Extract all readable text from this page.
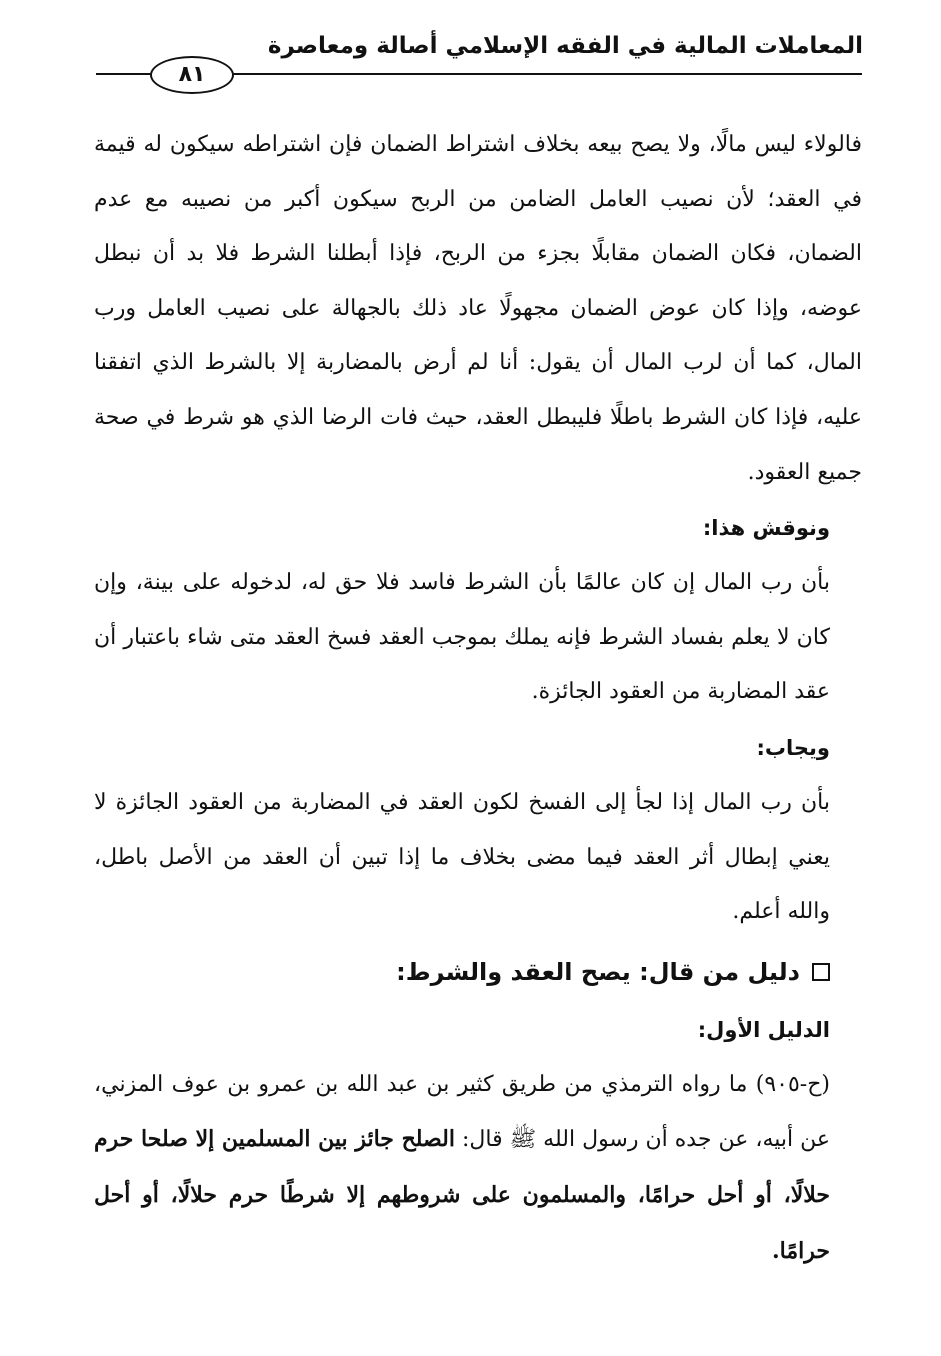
المعاملات المالية في الفقه الإسلامي أصالة ومعاصرة
٨١

فالولاء ليس مالًا، ولا يصح بيعه بخلاف اشتراط الضمان فإن اشتراطه سيكون له قيمة في العقد؛ لأن نصيب العامل الضامن من الربح سيكون أكبر من نصيبه مع عدم الضمان، فكان الضمان مقابلًا بجزء من الربح، فإذا أبطلنا الشرط فلا بد أن نبطل عوضه، وإذا كان عوض الضمان مجهولًا عاد ذلك بالجهالة على نصيب العامل ورب المال، كما أن لرب المال أن يقول: أنا لم أرض بالمضاربة إلا بالشرط الذي اتفقنا عليه، فإذا كان الشرط باطلًا فليبطل العقد، حيث فات الرضا الذي هو شرط في صحة جميع العقود.

ونوقش هذا:

بأن رب المال إن كان عالمًا بأن الشرط فاسد فلا حق له، لدخوله على بينة، وإن كان لا يعلم بفساد الشرط فإنه يملك بموجب العقد فسخ العقد متى شاء باعتبار أن عقد المضاربة من العقود الجائزة.

ويجاب:

بأن رب المال إذا لجأ إلى الفسخ لكون العقد في المضاربة من العقود الجائزة لا يعني إبطال أثر العقد فيما مضى بخلاف ما إذا تبين أن العقد من الأصل باطل، والله أعلم.

دليل من قال: يصح العقد والشرط:

الدليل الأول:

(ح-٩٠٥) ما رواه الترمذي من طريق كثير بن عبد الله بن عمرو بن عوف المزني، عن أبيه، عن جده أن رسول الله ﷺ قال: الصلح جائز بين المسلمين إلا صلحا حرم حلالًا، أو أحل حرامًا، والمسلمون على شروطهم إلا شرطًا حرم حلالًا، أو أحل حرامًا.
